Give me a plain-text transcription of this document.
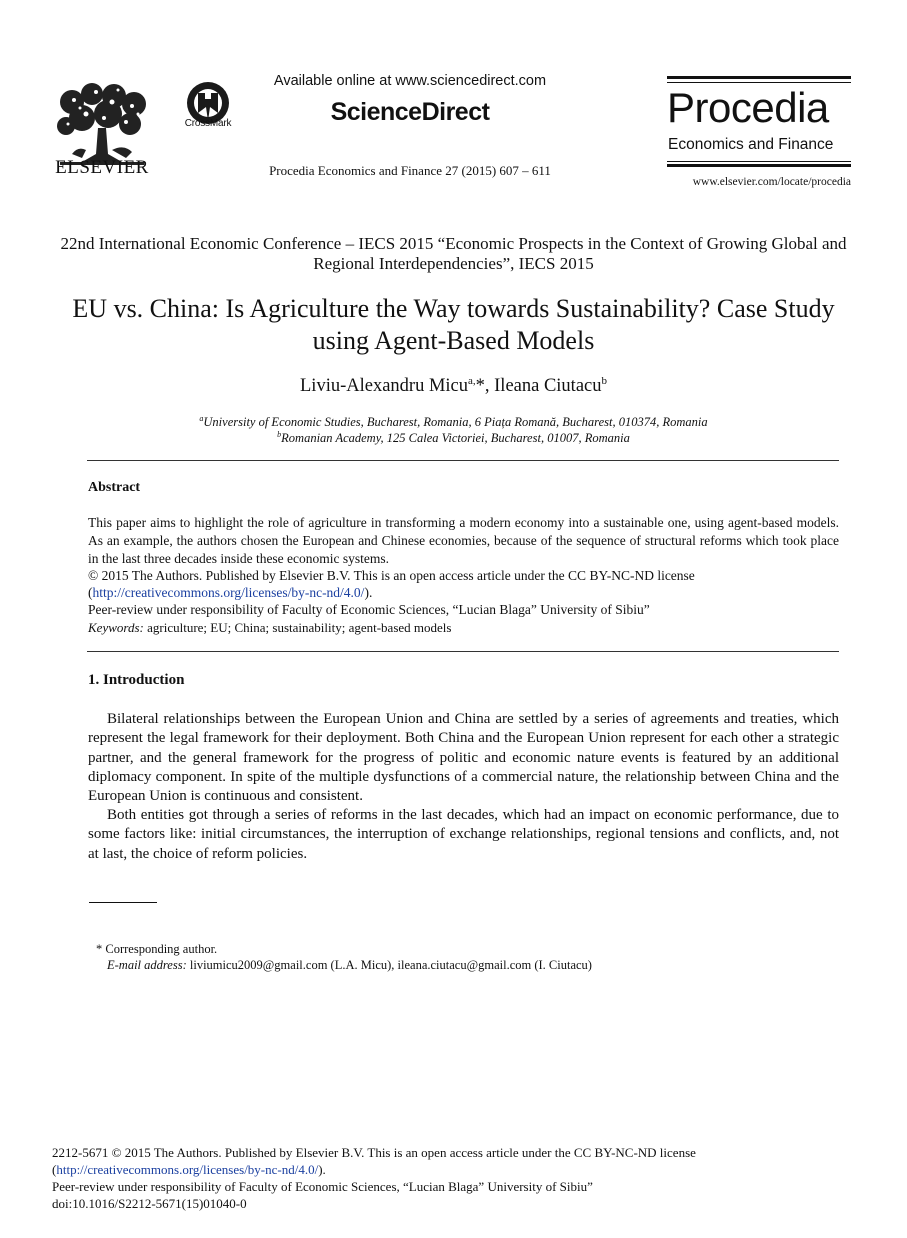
ELSEVIER
CrossMark
Available online at www.sciencedirect.com
ScienceDirect
Procedia Economics and Finance 27 (2015) 607 – 611
Procedia
Economics and Finance
www.elsevier.com/locate/procedia
22nd International Economic Conference – IECS 2015 “Economic Prospects in the Context of Growing Global and Regional Interdependencies”, IECS 2015
EU vs. China: Is Agriculture the Way towards Sustainability? Case Study using Agent-Based Models
Liviu-Alexandru Micu$^{a,}$*, Ileana Ciutacu$^b$
$^a$University of Economic Studies, Bucharest, Romania, 6 Piața Romană, Bucharest, 010374, Romania
$^b$Romanian Academy, 125 Calea Victoriei, Bucharest, 01007, Romania
Abstract
This paper aims to highlight the role of agriculture in transforming a modern economy into a sustainable one, using agent-based models. As an example, the authors chosen the European and Chinese economies, because of the sequence of structural reforms which took place in the last three decades inside these economic systems.
© 2015 The Authors. Published by Elsevier B.V. This is an open access article under the CC BY-NC-ND license
(http://creativecommons.org/licenses/by-nc-nd/4.0/).
Peer-review under responsibility of Faculty of Economic Sciences, “Lucian Blaga” University of Sibiu”
Keywords: agriculture; EU; China; sustainability; agent-based models
1. Introduction
Bilateral relationships between the European Union and China are settled by a series of agreements and treaties, which represent the legal framework for their deployment. Both China and the European Union represent for each other a strategic partner, and the general framework for the progress of politic and economic nature events is featured by an additional diplomacy component. In spite of the multiple dysfunctions of a commercial nature, the relationship between China and the European Union is continuous and consistent.
Both entities got through a series of reforms in the last decades, which had an impact on economic performance, due to some factors like: initial circumstances, the interruption of exchange relationships, regional tensions and conflicts, and, not at last, the choice of reform policies.
* Corresponding author.
E-mail address: liviumicu2009@gmail.com (L.A. Micu), ileana.ciutacu@gmail.com (I. Ciutacu)
2212-5671 © 2015 The Authors. Published by Elsevier B.V. This is an open access article under the CC BY-NC-ND license
(http://creativecommons.org/licenses/by-nc-nd/4.0/).
Peer-review under responsibility of Faculty of Economic Sciences, “Lucian Blaga” University of Sibiu”
doi:10.1016/S2212-5671(15)01040-0
